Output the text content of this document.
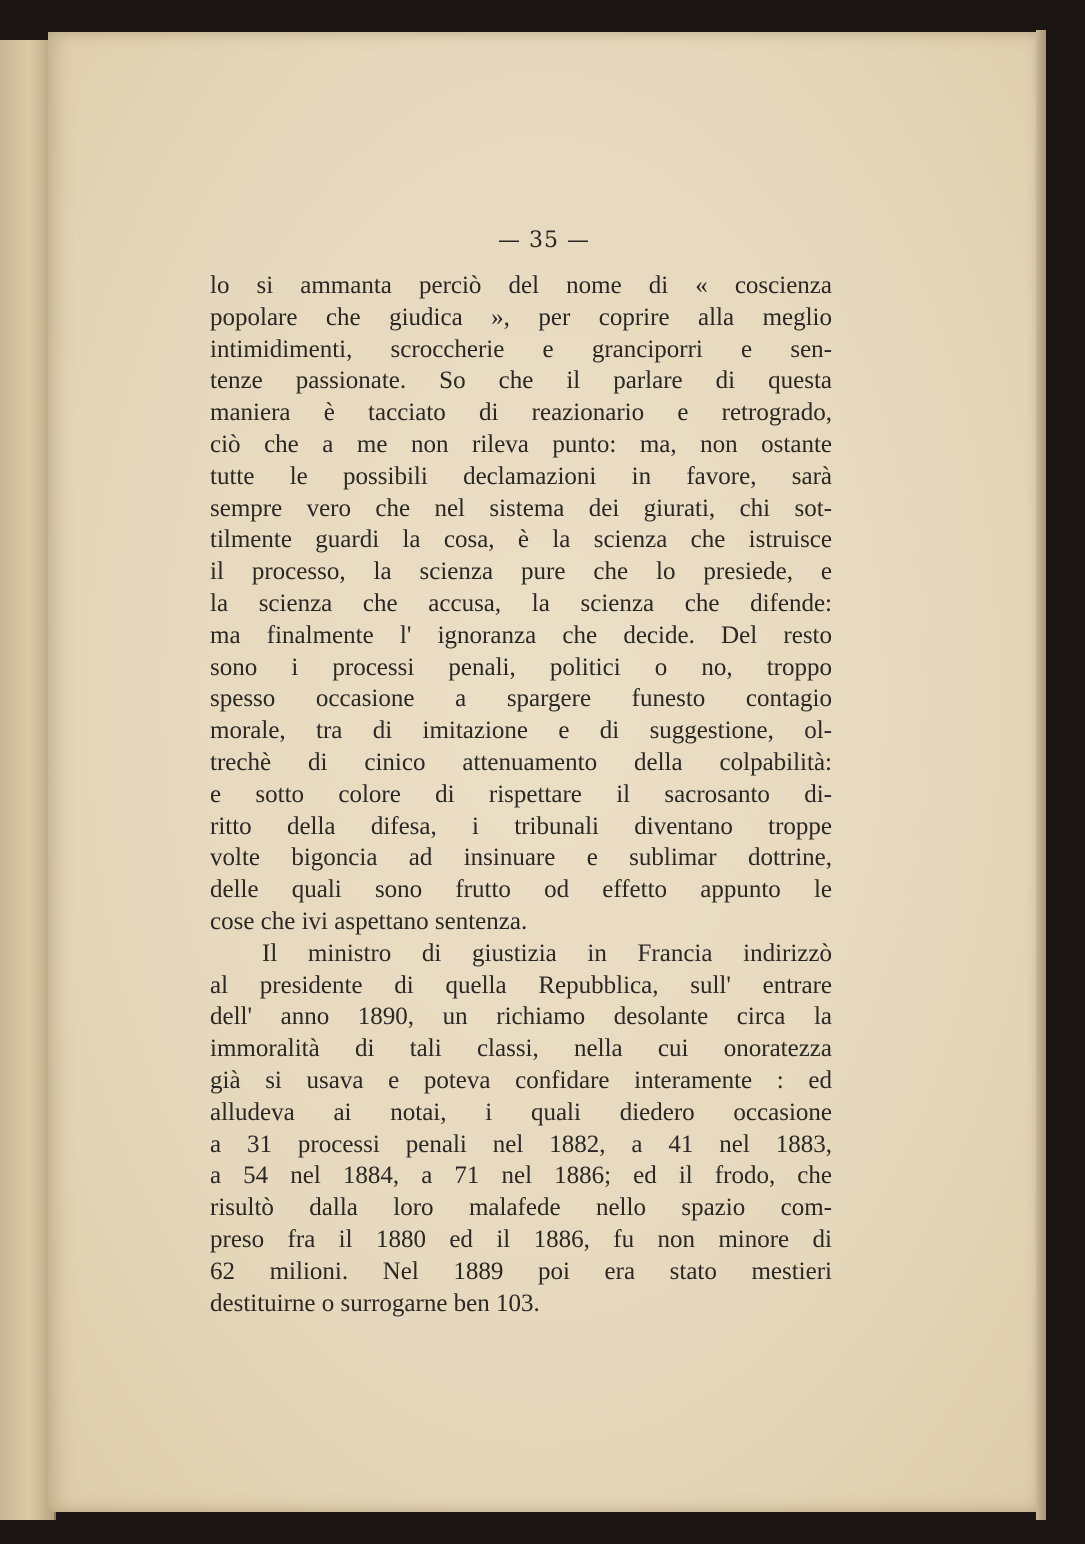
— 35 —
lo si ammanta perciò del nome di « coscienza
popolare che giudica », per coprire alla meglio
intimidimenti, scroccherie e granciporri e sen-
tenze passionate. So che il parlare di questa
maniera è tacciato di reazionario e retrogrado,
ciò che a me non rileva punto: ma, non ostante
tutte le possibili declamazioni in favore, sarà
sempre vero che nel sistema dei giurati, chi sot-
tilmente guardi la cosa, è la scienza che istruisce
il processo, la scienza pure che lo presiede, e
la scienza che accusa, la scienza che difende:
ma finalmente l' ignoranza che decide. Del resto
sono i processi penali, politici o no, troppo
spesso occasione a spargere funesto contagio
morale, tra di imitazione e di suggestione, ol-
trechè di cinico attenuamento della colpabilità:
e sotto colore di rispettare il sacrosanto di-
ritto della difesa, i tribunali diventano troppe
volte bigoncia ad insinuare e sublimar dottrine,
delle quali sono frutto od effetto appunto le
cose che ivi aspettano sentenza.
Il ministro di giustizia in Francia indirizzò
al presidente di quella Repubblica, sull' entrare
dell' anno 1890, un richiamo desolante circa la
immoralità di tali classi, nella cui onoratezza
già si usava e poteva confidare interamente : ed
alludeva ai notai, i quali diedero occasione
a 31 processi penali nel 1882, a 41 nel 1883,
a 54 nel 1884, a 71 nel 1886; ed il frodo, che
risultò dalla loro malafede nello spazio com-
preso fra il 1880 ed il 1886, fu non minore di
62 milioni. Nel 1889 poi era stato mestieri
destituirne o surrogarne ben 103.
